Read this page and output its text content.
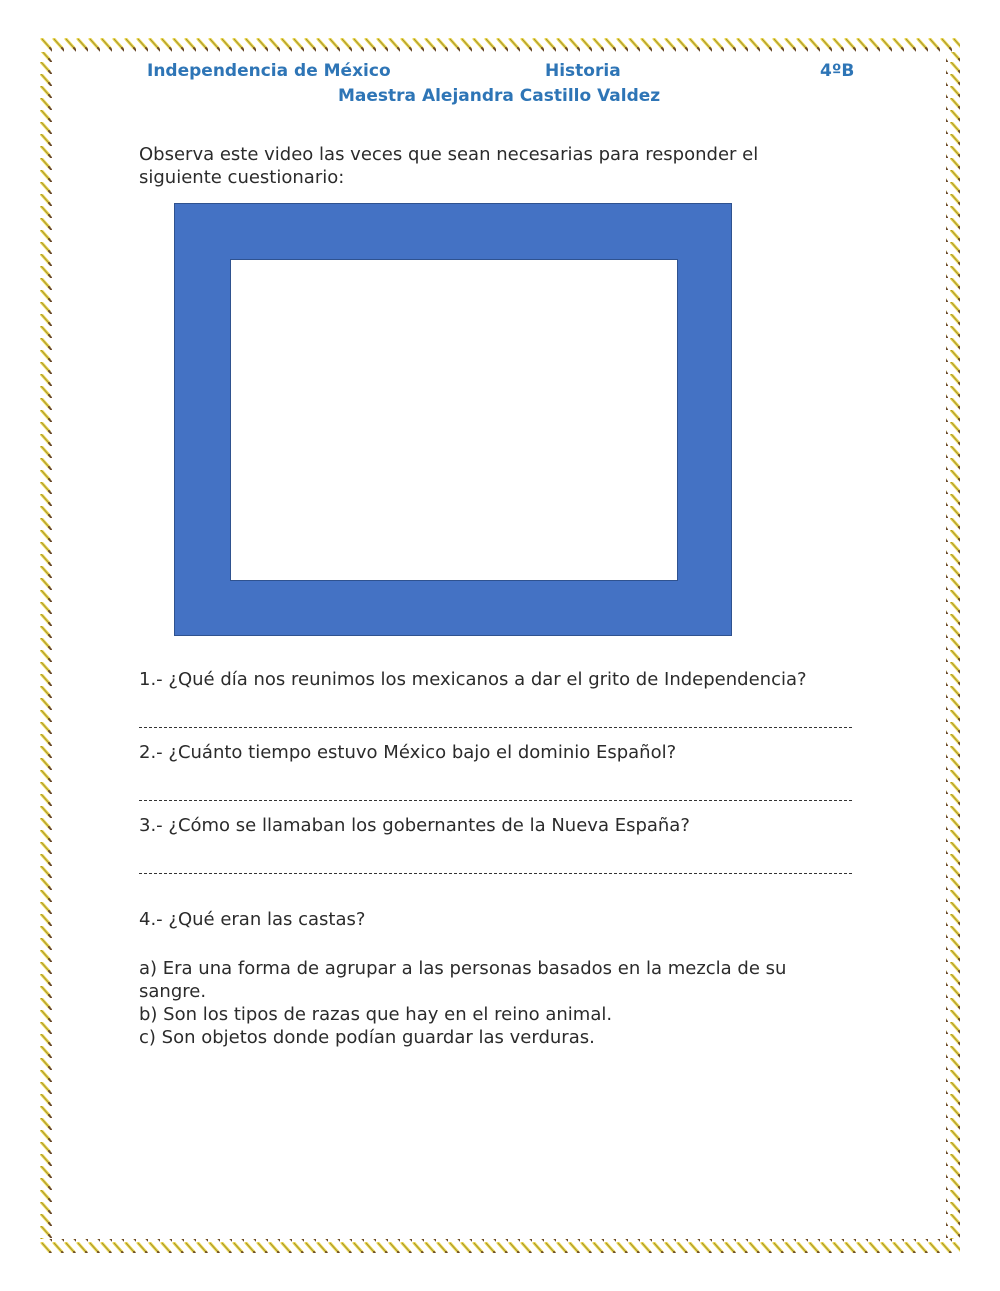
Independencia de México	Historia	4ºB
Maestra Alejandra Castillo Valdez
Observa este video las veces que sean necesarias para responder el siguiente cuestionario:
1.- ¿Qué día nos reunimos los mexicanos a dar el grito de Independencia?
2.- ¿Cuánto tiempo estuvo México bajo el dominio Español?
3.- ¿Cómo se llamaban los gobernantes de la Nueva España?
4.- ¿Qué eran las castas?
a) Era una forma de agrupar a las personas basados en la mezcla de su sangre.
b) Son los tipos de razas que hay en el reino animal.
c) Son objetos donde podían guardar las verduras.
